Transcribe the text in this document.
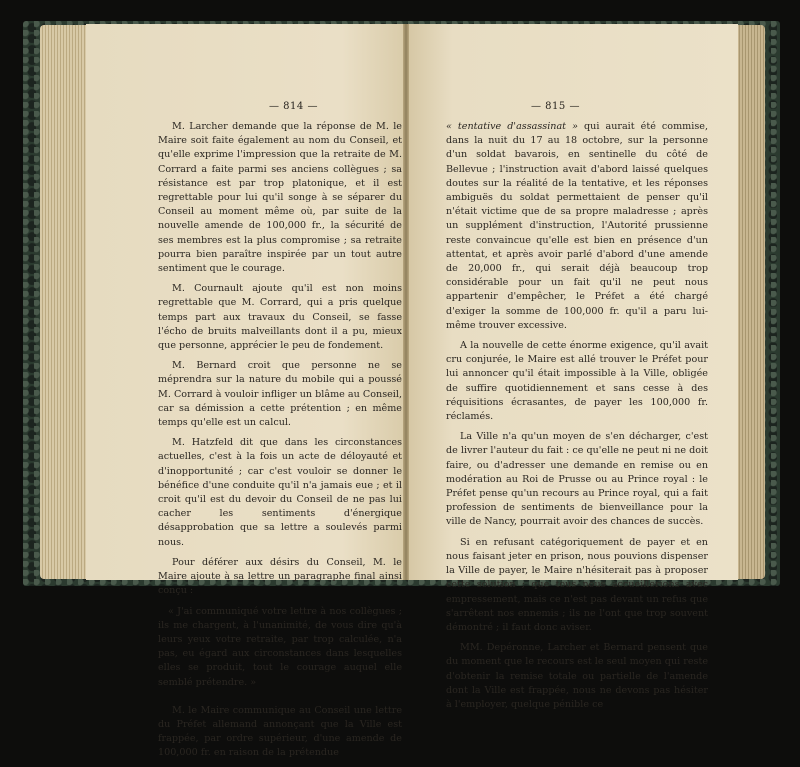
— 814 —

M. Larcher demande que la réponse de M. le Maire soit faite également au nom du Conseil, et qu'elle exprime l'impression que la retraite de M. Corrard a faite parmi ses anciens collègues ; sa résistance est par trop platonique, et il est regrettable pour lui qu'il songe à se séparer du Conseil au moment même où, par suite de la nouvelle amende de 100,000 fr., la sécurité de ses membres est la plus compromise ; sa retraite pourra bien paraître inspirée par un tout autre sentiment que le courage.

M. Cournault ajoute qu'il est non moins regrettable que M. Corrard, qui a pris quelque temps part aux travaux du Conseil, se fasse l'écho de bruits malveillants dont il a pu, mieux que personne, apprécier le peu de fondement.

M. Bernard croit que personne ne se méprendra sur la nature du mobile qui a poussé M. Corrard à vouloir infliger un blâme au Conseil, car sa démission a cette prétention ; en même temps qu'elle est un calcul.

M. Hatzfeld dit que dans les circonstances actuelles, c'est à la fois un acte de déloyauté et d'inopportunité ; car c'est vouloir se donner le bénéfice d'une conduite qu'il n'a jamais eue ; et il croit qu'il est du devoir du Conseil de ne pas lui cacher les sentiments d'énergique désapprobation que sa lettre a soulevés parmi nous.

Pour déférer aux désirs du Conseil, M. le Maire ajoute à sa lettre un paragraphe final ainsi conçu :

« J'ai communiqué votre lettre à nos collègues ; ils me chargent, à l'unanimité, de vous dire qu'à leurs yeux votre retraite, par trop calculée, n'a pas, eu égard aux circonstances dans lesquelles elles se produit, tout le courage auquel elle semblé prétendre. »

M. le Maire communique au Conseil une lettre du Préfet allemand annonçant que la Ville est frappée, par ordre supérieur, d'une amende de 100,000 fr. en raison de la prétendue

— 815 —

« tentative d'assassinat » qui aurait été commise, dans la nuit du 17 au 18 octobre, sur la personne d'un soldat bavarois, en sentinelle du côté de Bellevue ; l'instruction avait d'abord laissé quelques doutes sur la réalité de la tentative, et les réponses ambiguës du soldat permettaient de penser qu'il n'était victime que de sa propre maladresse ; après un supplément d'instruction, l'Autorité prussienne reste convaincue qu'elle est bien en présence d'un attentat, et après avoir parlé d'abord d'une amende de 20,000 fr., qui serait déjà beaucoup trop considérable pour un fait qu'il ne peut nous appartenir d'empêcher, le Préfet a été chargé d'exiger la somme de 100,000 fr. qu'il a paru lui-même trouver excessive.

A la nouvelle de cette énorme exigence, qu'il avait cru conjurée, le Maire est allé trouver le Préfet pour lui annoncer qu'il était impossible à la Ville, obligée de suffire quotidiennement et sans cesse à des réquisitions écrasantes, de payer les 100,000 fr. réclamés.

La Ville n'a qu'un moyen de s'en décharger, c'est de livrer l'auteur du fait : ce qu'elle ne peut ni ne doit faire, ou d'adresser une demande en remise ou en modération au Roi de Prusse ou au Prince royal : le Préfet pense qu'un recours au Prince royal, qui a fait profession de sentiments de bienveillance pour la ville de Nancy, pourrait avoir des chances de succès.

Si en refusant catégoriquement de payer et en nous faisant jeter en prison, nous pouvions dispenser la Ville de payer, le Maire n'hésiterait pas à proposer cette solution ; que tous nous accueillerions avec empressement, mais ce n'est pas devant un refus que s'arrêtent nos ennemis ; ils ne l'ont que trop souvent démontré ; il faut donc aviser.

MM. Depéronne, Larcher et Bernard pensent que du moment que le recours est le seul moyen qui reste d'obtenir la remise totale ou partielle de l'amende dont la Ville est frappée, nous ne devons pas hésiter à l'employer, quelque pénible ce
